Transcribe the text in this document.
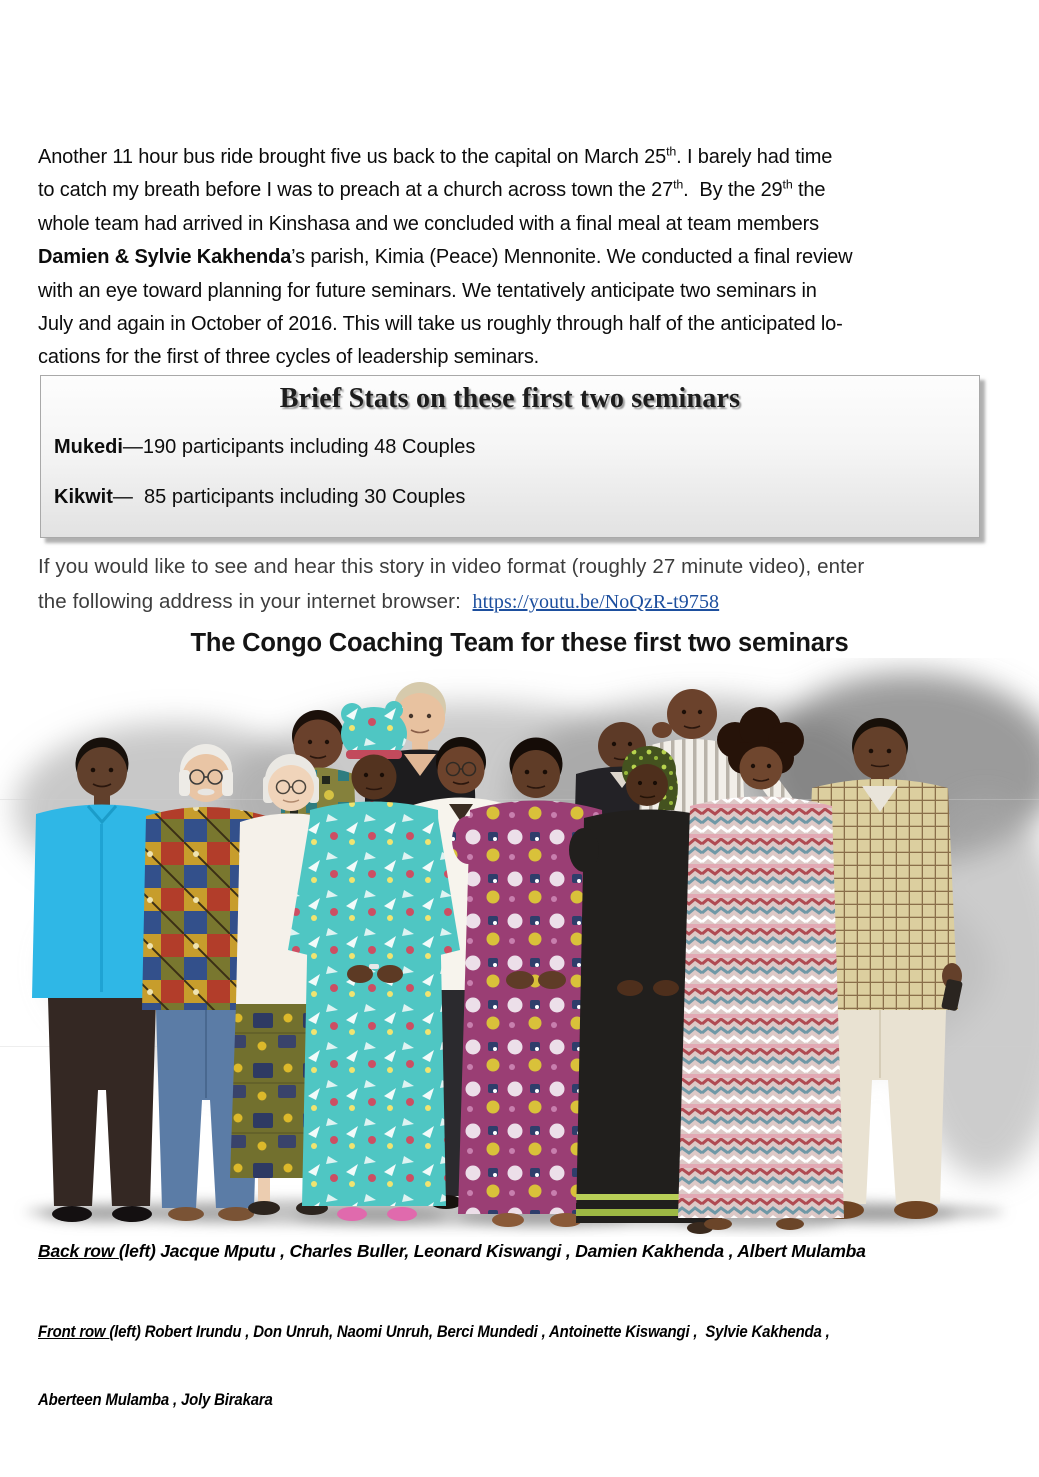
Another 11 hour bus ride brought five us back to the capital on March 25th. I barely had time
to catch my breath before I was to preach at a church across town the 27th.  By the 29th the
whole team had arrived in Kinshasa and we concluded with a final meal at team members
Damien & Sylvie Kakhenda’s parish, Kimia (Peace) Mennonite. We conducted a final review
with an eye toward planning for future seminars. We tentatively anticipate two seminars in
July and again in October of 2016. This will take us roughly through half of the anticipated lo-
cations for the first of three cycles of leadership seminars.
Brief Stats on these first two seminars
Mukedi—190 participants including 48 Couples
Kikwit—  85 participants including 30 Couples
If you would like to see and hear this story in video format (roughly 27 minute video), enter
the following address in your internet browser:  https://youtu.be/NoQzR-t9758
The Congo Coaching Team for these first two seminars
Back row (left) Jacque Mputu , Charles Buller, Leonard Kiswangi , Damien Kakhenda , Albert Mulamba

Front row (left) Robert Irundu , Don Unruh, Naomi Unruh, Berci Mundedi , Antoinette Kiswangi ,  Sylvie Kakhenda ,

Aberteen Mulamba , Joly Birakara
